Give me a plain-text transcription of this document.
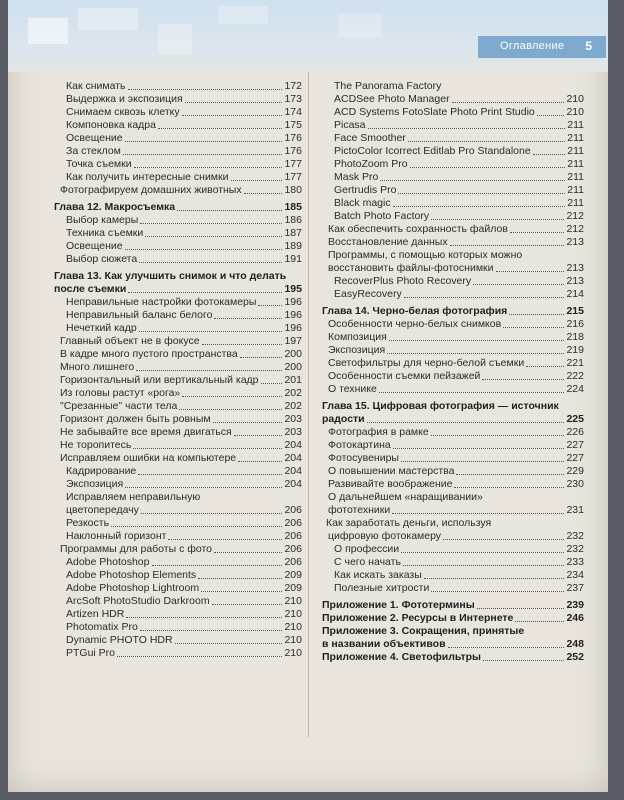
Оглавление 5
Как снимать	172
Выдержка и экспозиция	173
Снимаем сквозь клетку	174
Компоновка кадра	175
Освещение	176
За стеклом	176
Точка съемки	177
Как получить интересные снимки	177
Фотографируем домашних животных	180
Глава 12. Макросъемка	185
Выбор камеры	186
Техника съемки	187
Освещение	189
Выбор сюжета	191
Глава 13. Как улучшить снимок и что делать
после съемки	195
Неправильные настройки фотокамеры	196
Неправильный баланс белого	196
Нечеткий кадр	196
Главный объект не в фокусе	197
В кадре много пустого пространства	200
Много лишнего	200
Горизонтальный или вертикальный кадр 201
Из головы растут «рога»	202
"Срезанные" части тела	202
Горизонт должен быть ровным	203
Не забывайте все время двигаться	203
Не торопитесь	204
Исправляем ошибки на компьютере	204
Кадрирование	204
Экспозиция	204
Исправляем неправильную
цветопередачу	206
Резкость	206
Наклонный горизонт	206
Программы для работы с фото	206
Adobe Photoshop	206
Adobe Photoshop Elements	209
Adobe Photoshop Lightroom	209
ArcSoft PhotoStudio Darkroom	210
Artizen HDR	210
Photomatix Pro	210
Dynamic PHOTO HDR	210
PTGui Pro	210
The Panorama Factory
ACDSee Photo Manager	210
ACD Systems FotoSlate Photo Print Studio	210
Picasa	211
Face Smoother	211
PictoColor Icorrect Editlab Pro Standalone	211
PhotoZoom Pro	211
Mask Pro	211
Gertrudis Pro	211
Black magic	211
Batch Photo Factory	212
Как обеспечить сохранность файлов	212
Восстановление данных	213
Программы, с помощью которых можно
восстановить файлы-фотоснимки	213
RecoverPlus Photo Recovery	213
EasyRecovery	214
Глава 14. Черно-белая фотография	215
Особенности черно-белых снимков	216
Композиция	218
Экспозиция	219
Светофильтры для черно-белой съемки	221
Особенности съемки пейзажей	222
О технике	224
Глава 15. Цифровая фотография — источник
радости	225
Фотография в рамке	226
Фотокартина	227
Фотосувениры	227
О повышении мастерства	229
Развивайте воображение	230
О дальнейшем «наращивании»
фототехники	231
Как заработать деньги, используя
цифровую фотокамеру	232
О профессии	232
С чего начать	233
Как искать заказы	234
Полезные хитрости	237
Приложение 1. Фототермины	239
Приложение 2. Ресурсы в Интернете	246
Приложение 3. Сокращения, принятые
в названии объективов	248
Приложение 4. Светофильтры	252
